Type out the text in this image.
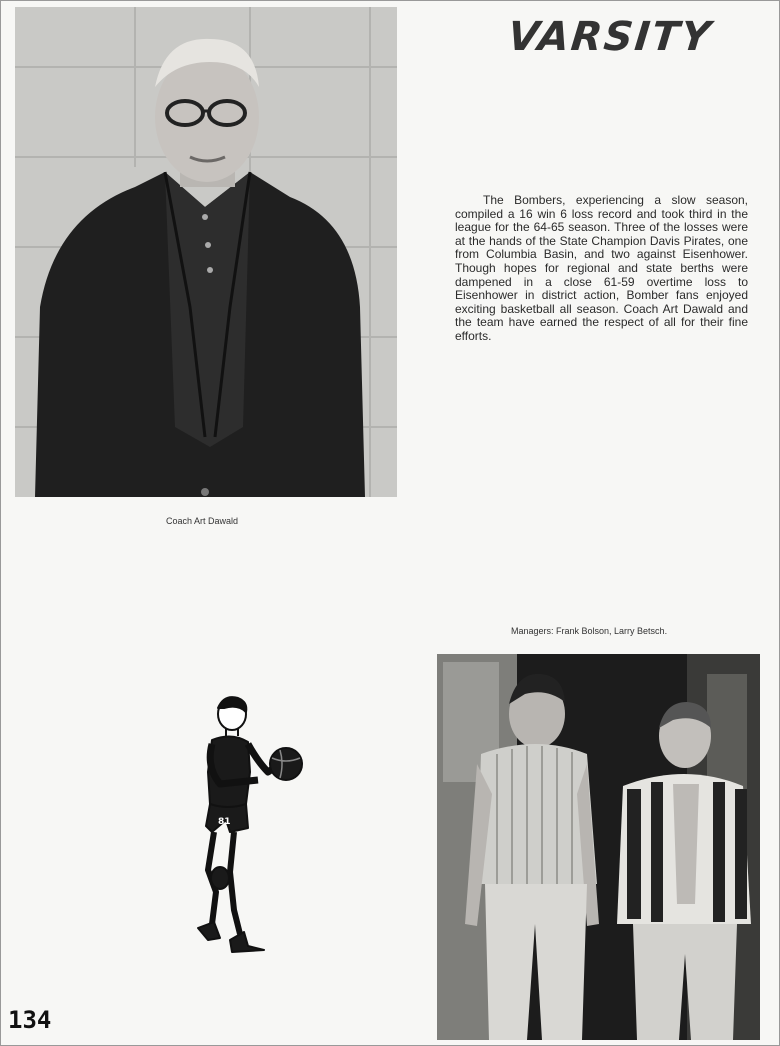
VARSITY

The Bombers, experiencing a slow season, compiled a 16 win 6 loss record and took third in the league for the 64-65 season. Three of the losses were at the hands of the State Champion Davis Pirates, one from Columbia Basin, and two against Eisenhower. Though hopes for regional and state berths were dampened in a close 61-59 overtime loss to Eisenhower in district action, Bomber fans enjoyed exciting basketball all season. Coach Art Dawald and the team have earned the respect of all for their fine efforts.

Coach Art Dawald
Managers: Frank Bolson, Larry Betsch.
81
134
